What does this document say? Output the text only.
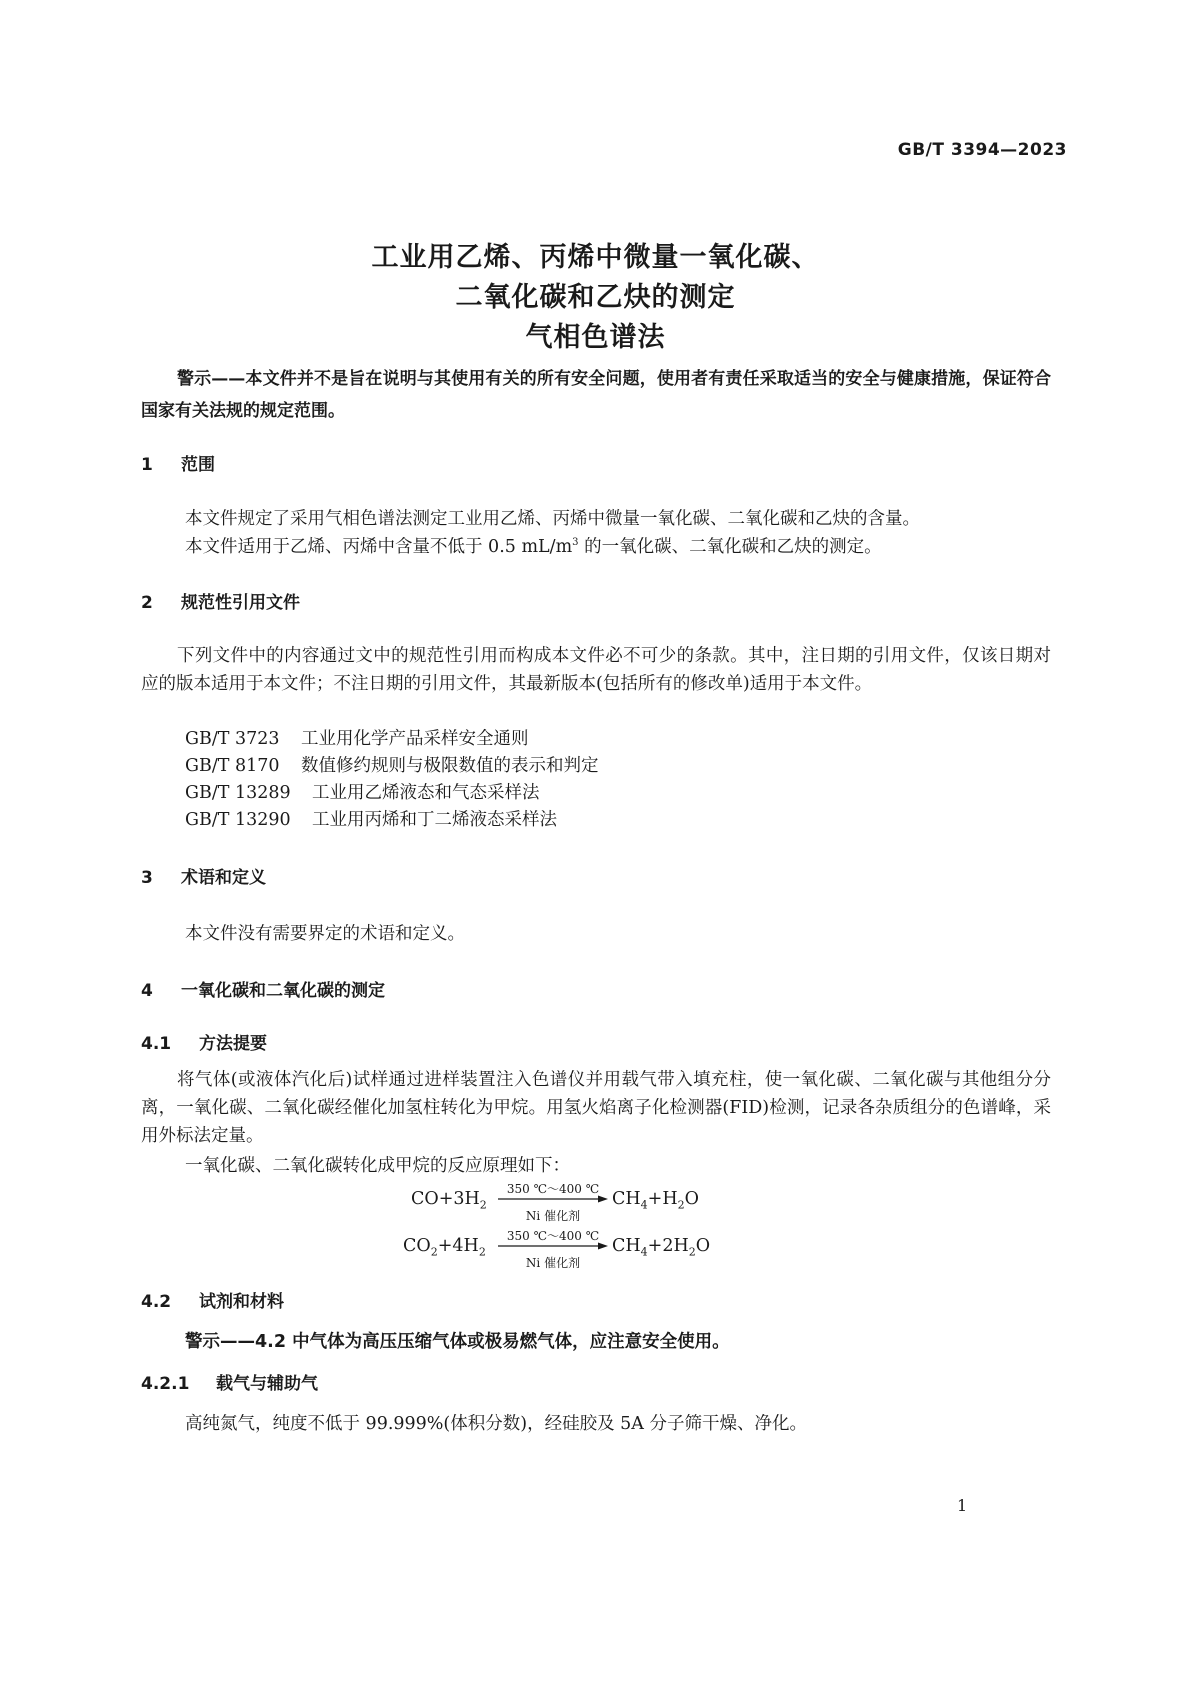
GB/T 3394—2023
工业用乙烯、丙烯中微量一氧化碳、
二氧化碳和乙炔的测定
气相色谱法
警示——本文件并不是旨在说明与其使用有关的所有安全问题，使用者有责任采取适当的安全与健康措施，保证符合国家有关法规的规定范围。
1 范围
本文件规定了采用气相色谱法测定工业用乙烯、丙烯中微量一氧化碳、二氧化碳和乙炔的含量。
本文件适用于乙烯、丙烯中含量不低于 0.5 $mL/m^3$ 的一氧化碳、二氧化碳和乙炔的测定。
2 规范性引用文件
下列文件中的内容通过文中的规范性引用而构成本文件必不可少的条款。其中，注日期的引用文件，仅该日期对应的版本适用于本文件；不注日期的引用文件，其最新版本(包括所有的修改单)适用于本文件。
GB/T 3723 工业用化学产品采样安全通则
GB/T 8170 数值修约规则与极限数值的表示和判定
GB/T 13289 工业用乙烯液态和气态采样法
GB/T 13290 工业用丙烯和丁二烯液态采样法
3 术语和定义
本文件没有需要界定的术语和定义。
4 一氧化碳和二氧化碳的测定
4.1 方法提要
将气体(或液体汽化后)试样通过进样装置注入色谱仪并用载气带入填充柱，使一氧化碳、二氧化碳与其他组分分离，一氧化碳、二氧化碳经催化加氢柱转化为甲烷。用氢火焰离子化检测器(FID)检测，记录各杂质组分的色谱峰，采用外标法定量。
一氧化碳、二氧化碳转化成甲烷的反应原理如下：
$CO+3H_2$
350 ℃～400 ℃
Ni 催化剂
$CH_4+H_2O$
$CO_2+4H_2$
350 ℃～400 ℃
Ni 催化剂
$CH_4+2H_2O$
4.2 试剂和材料
警示——4.2 中气体为高压压缩气体或极易燃气体，应注意安全使用。
4.2.1 载气与辅助气
高纯氮气，纯度不低于 99.999%(体积分数)，经硅胶及 5A 分子筛干燥、净化。
1
